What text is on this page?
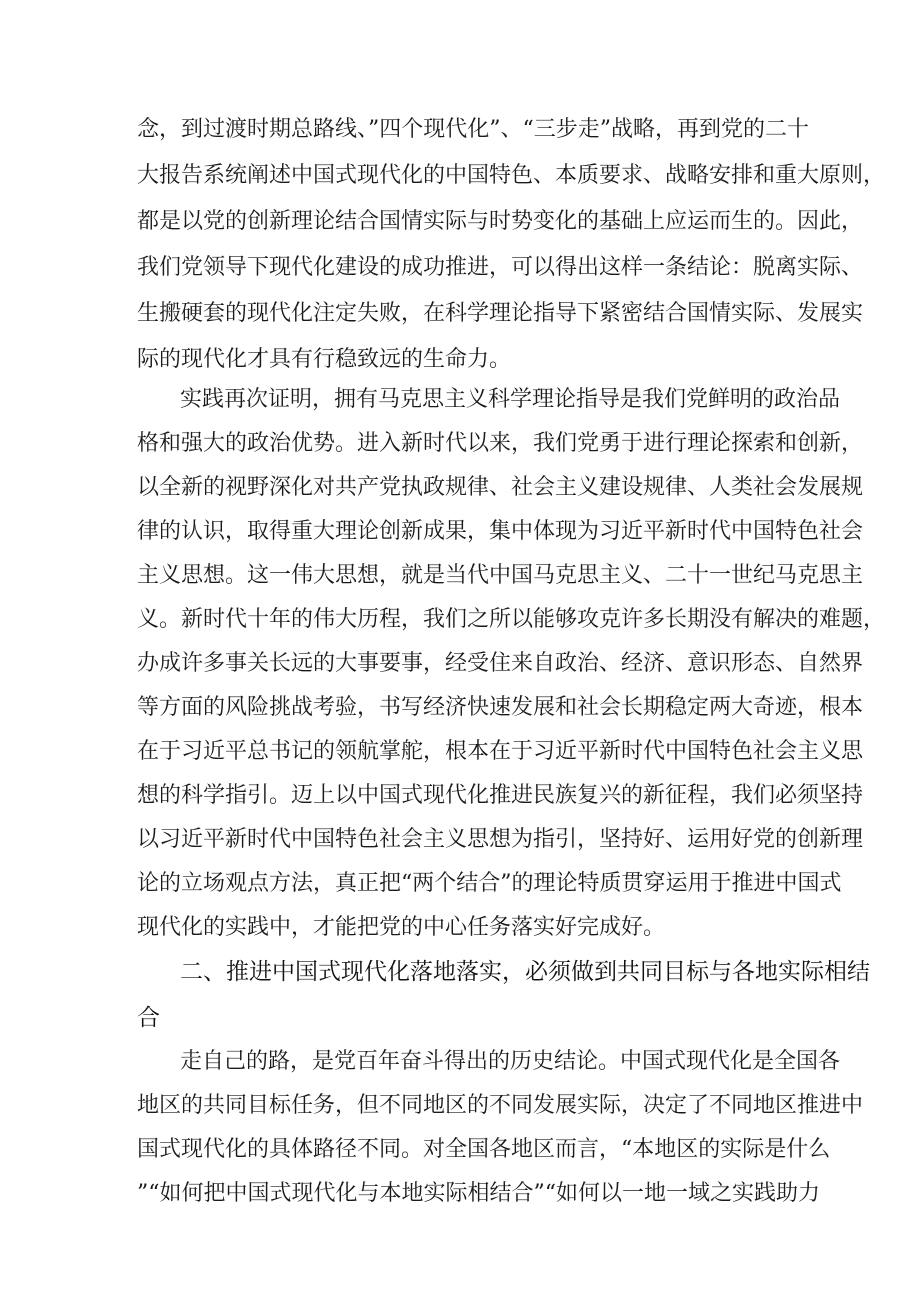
念，到过渡时期总路线、”四个现代化”、“三步走”战略，再到党的二十
大报告系统阐述中国式现代化的中国特色、本质要求、战略安排和重大原则，
都是以党的创新理论结合国情实际与时势变化的基础上应运而生的。因此，
我们党领导下现代化建设的成功推进，可以得出这样一条结论：脱离实际、
生搬硬套的现代化注定失败，在科学理论指导下紧密结合国情实际、发展实
际的现代化才具有行稳致远的生命力。
实践再次证明，拥有马克思主义科学理论指导是我们党鲜明的政治品
格和强大的政治优势。进入新时代以来，我们党勇于进行理论探索和创新，
以全新的视野深化对共产党执政规律、社会主义建设规律、人类社会发展规
律的认识，取得重大理论创新成果，集中体现为习近平新时代中国特色社会
主义思想。这一伟大思想，就是当代中国马克思主义、二十一世纪马克思主
义。新时代十年的伟大历程，我们之所以能够攻克许多长期没有解决的难题，
办成许多事关长远的大事要事，经受住来自政治、经济、意识形态、自然界
等方面的风险挑战考验，书写经济快速发展和社会长期稳定两大奇迹，根本
在于习近平总书记的领航掌舵，根本在于习近平新时代中国特色社会主义思
想的科学指引。迈上以中国式现代化推进民族复兴的新征程，我们必须坚持
以习近平新时代中国特色社会主义思想为指引，坚持好、运用好党的创新理
论的立场观点方法，真正把“两个结合”的理论特质贯穿运用于推进中国式
现代化的实践中，才能把党的中心任务落实好完成好。
二、推进中国式现代化落地落实，必须做到共同目标与各地实际相结
合
走自己的路，是党百年奋斗得出的历史结论。中国式现代化是全国各
地区的共同目标任务，但不同地区的不同发展实际，决定了不同地区推进中
国式现代化的具体路径不同。对全国各地区而言，“本地区的实际是什么
”“如何把中国式现代化与本地实际相结合”“如何以一地一域之实践助力
